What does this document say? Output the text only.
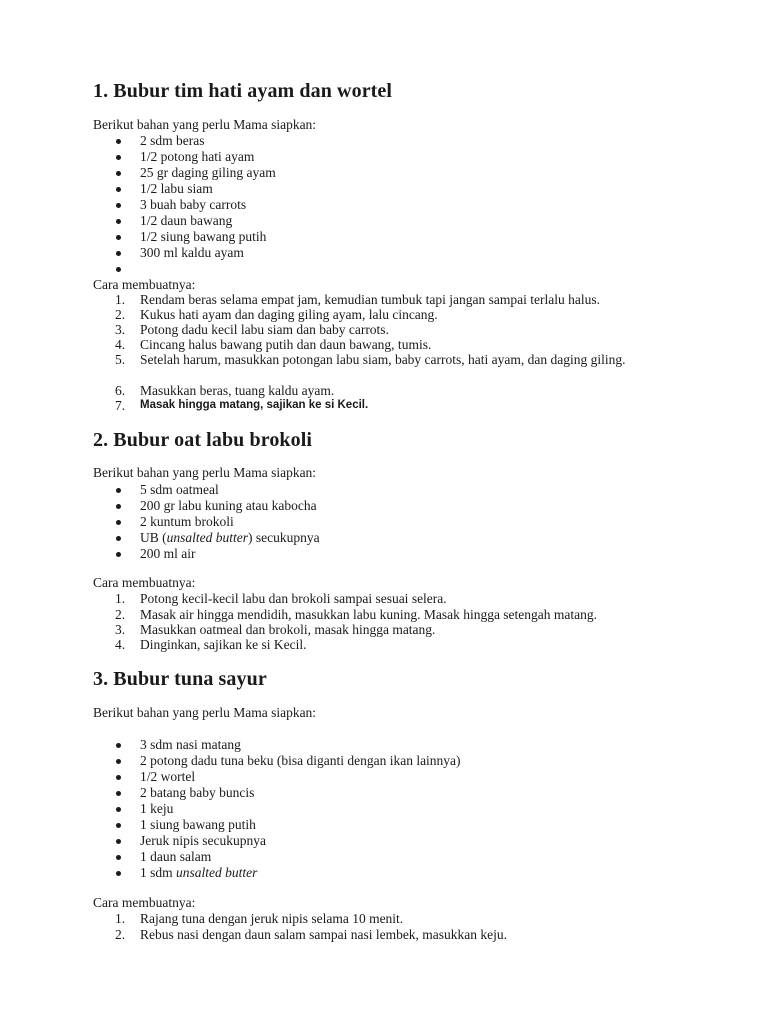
1. Bubur tim hati ayam dan wortel
Berikut bahan yang perlu Mama siapkan:
2 sdm beras
1/2 potong hati ayam
25 gr daging giling ayam
1/2 labu siam
3 buah baby carrots
1/2 daun bawang
1/2 siung bawang putih
300 ml kaldu ayam
Cara membuatnya:
1.	Rendam beras selama empat jam, kemudian tumbuk tapi jangan sampai terlalu halus.
2.	Kukus hati ayam dan daging giling ayam, lalu cincang.
3.	Potong dadu kecil labu siam dan baby carrots.
4.	Cincang halus bawang putih dan daun bawang, tumis.
5.	Setelah harum, masukkan potongan labu siam, baby carrots, hati ayam, dan daging giling.
6.	Masukkan beras, tuang kaldu ayam.
7.	Masak hingga matang, sajikan ke si Kecil.
2. Bubur oat labu brokoli
Berikut bahan yang perlu Mama siapkan:
5 sdm oatmeal
200 gr labu kuning atau kabocha
2 kuntum brokoli
UB (unsalted butter) secukupnya
200 ml air
Cara membuatnya:
1.	Potong kecil-kecil labu dan brokoli sampai sesuai selera.
2.	Masak air hingga mendidih, masukkan labu kuning. Masak hingga setengah matang.
3.	Masukkan oatmeal dan brokoli, masak hingga matang.
4.	Dinginkan, sajikan ke si Kecil.
3. Bubur tuna sayur
Berikut bahan yang perlu Mama siapkan:
3 sdm nasi matang
2 potong dadu tuna beku (bisa diganti dengan ikan lainnya)
1/2 wortel
2 batang baby buncis
1 keju
1 siung bawang putih
Jeruk nipis secukupnya
1 daun salam
1 sdm unsalted butter
Cara membuatnya:
1.	Rajang tuna dengan jeruk nipis selama 10 menit.
2.	Rebus nasi dengan daun salam sampai nasi lembek, masukkan keju.
